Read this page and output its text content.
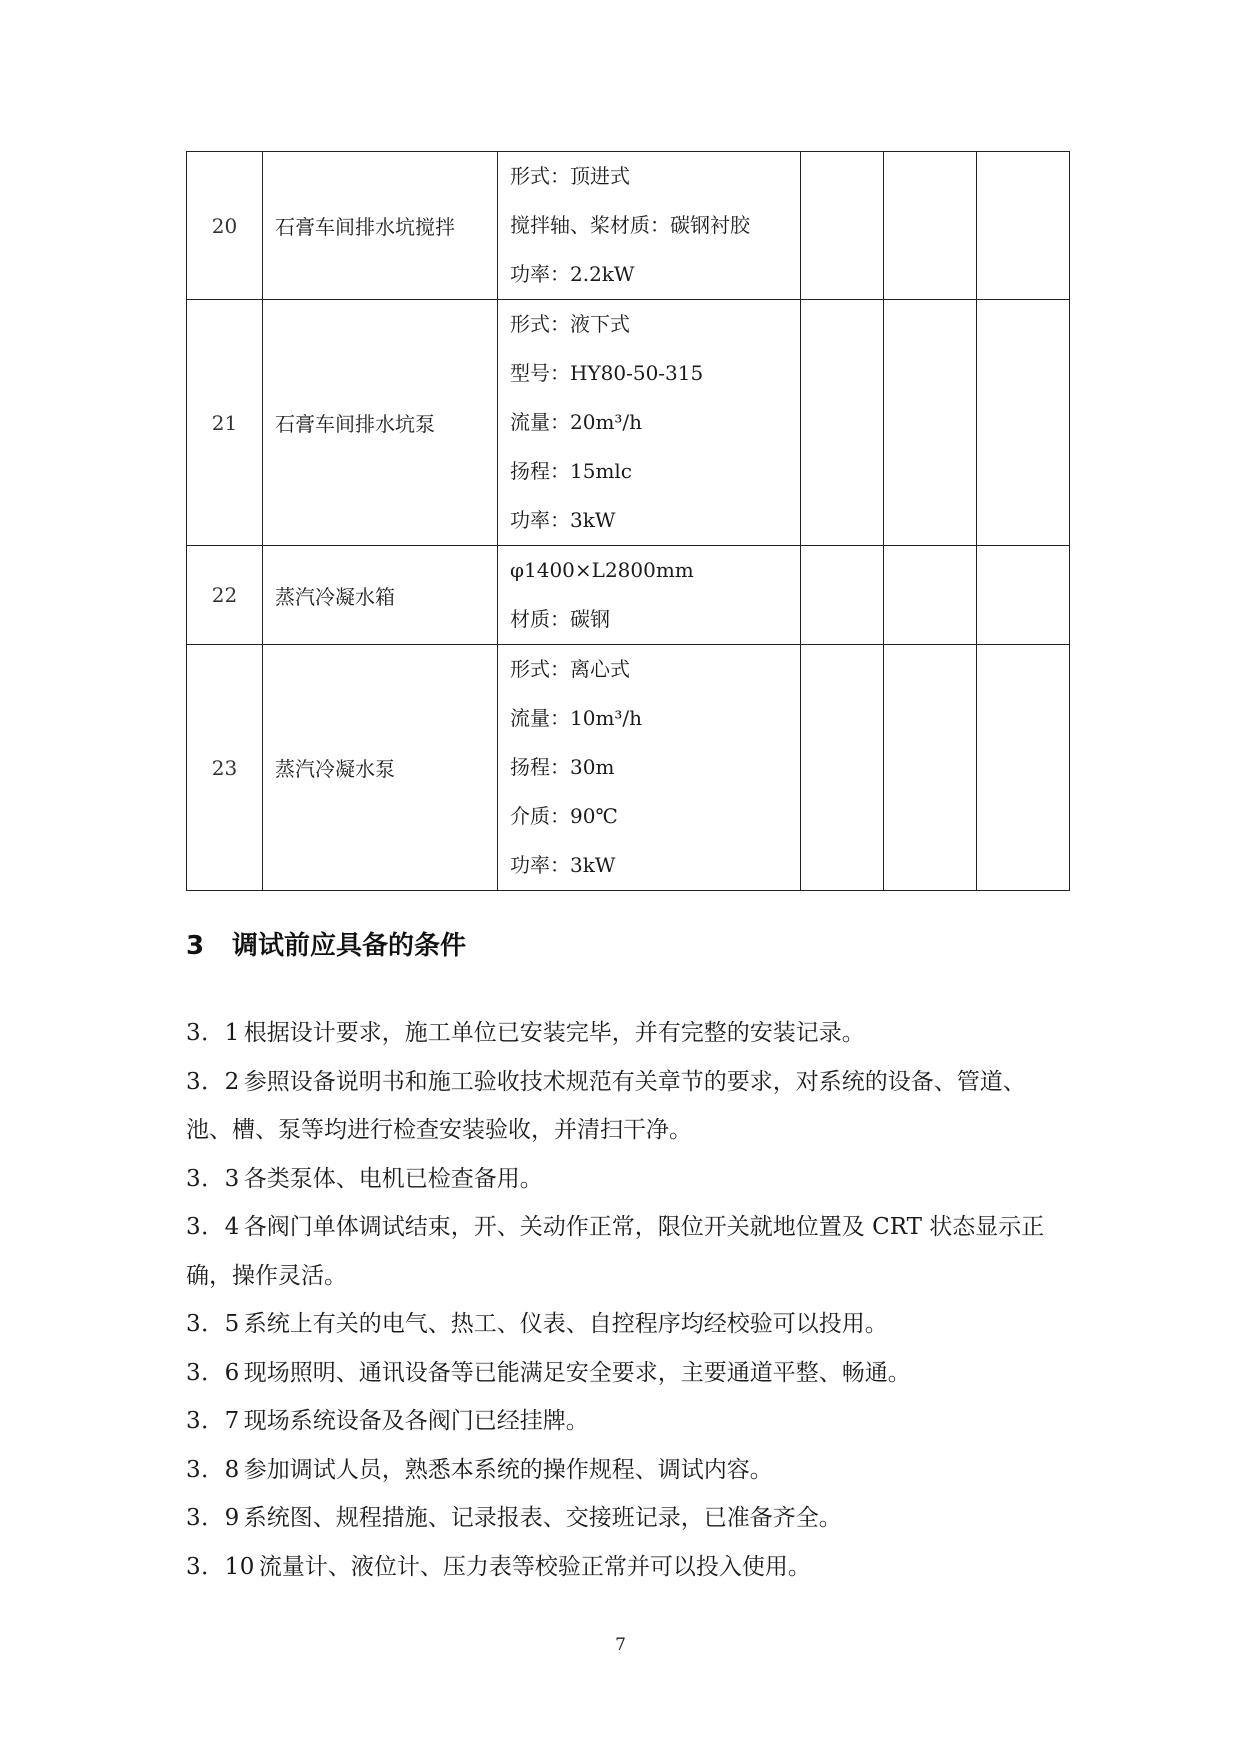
20	石膏车间排水坑搅拌	形式：顶进式
搅拌轴、桨材质：碳钢衬胶
功率：2.2kW			

21	石膏车间排水坑泵	形式：液下式
型号：HY80-50-315
流量：20m³/h
扬程：15mlc
功率：3kW			

22	蒸汽冷凝水箱	φ1400×L2800mm
材质：碳钢			

23	蒸汽冷凝水泵	形式：离心式
流量：10m³/h
扬程：30m
介质：90℃
功率：3kW			

3 调试前应具备的条件

3．1 根据设计要求，施工单位已安装完毕，并有完整的安装记录。

3．2 参照设备说明书和施工验收技术规范有关章节的要求，对系统的设备、管道、池、槽、泵等均进行检查安装验收，并清扫干净。

3．3 各类泵体、电机已检查备用。

3．4 各阀门单体调试结束，开、关动作正常，限位开关就地位置及 CRT 状态显示正确，操作灵活。

3．5 系统上有关的电气、热工、仪表、自控程序均经校验可以投用。

3．6 现场照明、通讯设备等已能满足安全要求，主要通道平整、畅通。

3．7 现场系统设备及各阀门已经挂牌。

3．8 参加调试人员，熟悉本系统的操作规程、调试内容。

3．9 系统图、规程措施、记录报表、交接班记录，已准备齐全。

3．10 流量计、液位计、压力表等校验正常并可以投入使用。

7
